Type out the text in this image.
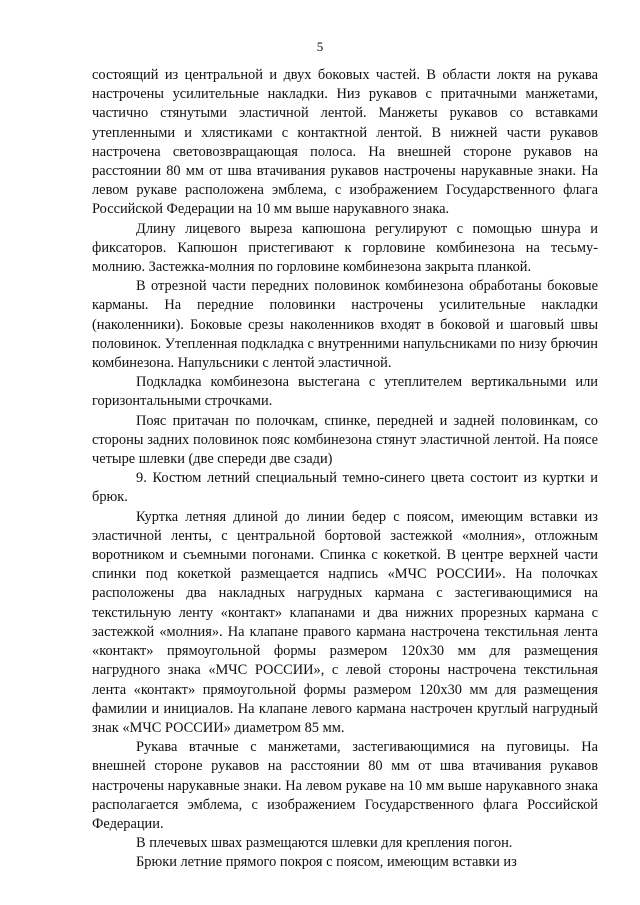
5

состоящий из центральной и двух боковых частей. В области локтя на рукава настрочены усилительные накладки. Низ рукавов с притачными манжетами, частично стянутыми эластичной лентой. Манжеты рукавов со вставками утепленными и хлястиками с контактной лентой. В нижней части рукавов настрочена световозвращающая полоса. На внешней стороне рукавов на расстоянии 80 мм от шва втачивания рукавов настрочены нарукавные знаки. На левом рукаве расположена эмблема, с изображением Государственного флага Российской Федерации на 10 мм выше нарукавного знака.

Длину лицевого выреза капюшона регулируют с помощью шнура и фиксаторов. Капюшон пристегивают к горловине комбинезона на тесьму-молнию. Застежка-молния по горловине комбинезона закрыта планкой.

В отрезной части передних половинок комбинезона обработаны боковые карманы. На передние половинки настрочены усилительные накладки (наколенники). Боковые срезы наколенников входят в боковой и шаговый швы половинок. Утепленная подкладка с внутренними напульсниками по низу брючин комбинезона. Напульсники с лентой эластичной.

Подкладка комбинезона выстегана с утеплителем вертикальными или горизонтальными строчками.

Пояс притачан по полочкам, спинке, передней и задней половинкам, со стороны задних половинок пояс комбинезона стянут эластичной лентой. На поясе четыре шлевки (две спереди две сзади)

9. Костюм летний специальный темно-синего цвета состоит из куртки и брюк.

Куртка летняя длиной до линии бедер с поясом, имеющим вставки из эластичной ленты, с центральной бортовой застежкой «молния», отложным воротником и съемными погонами. Спинка с кокеткой. В центре верхней части спинки под кокеткой размещается надпись «МЧС РОССИИ». На полочках расположены два накладных нагрудных кармана с застегивающимися на текстильную ленту «контакт» клапанами и два нижних прорезных кармана с застежкой «молния». На клапане правого кармана настрочена текстильная лента «контакт» прямоугольной формы размером 120х30 мм для размещения нагрудного знака «МЧС РОССИИ», с левой стороны настрочена текстильная лента «контакт» прямоугольной формы размером 120х30 мм для размещения фамилии и инициалов. На клапане левого кармана настрочен круглый нагрудный знак «МЧС РОССИИ» диаметром 85 мм.

Рукава втачные с манжетами, застегивающимися на пуговицы. На внешней стороне рукавов на расстоянии 80 мм от шва втачивания рукавов настрочены нарукавные знаки. На левом рукаве на 10 мм выше нарукавного знака располагается эмблема, с изображением Государственного флага Российской Федерации.

В плечевых швах размещаются шлевки для крепления погон.

Брюки летние прямого покроя с поясом, имеющим вставки из
